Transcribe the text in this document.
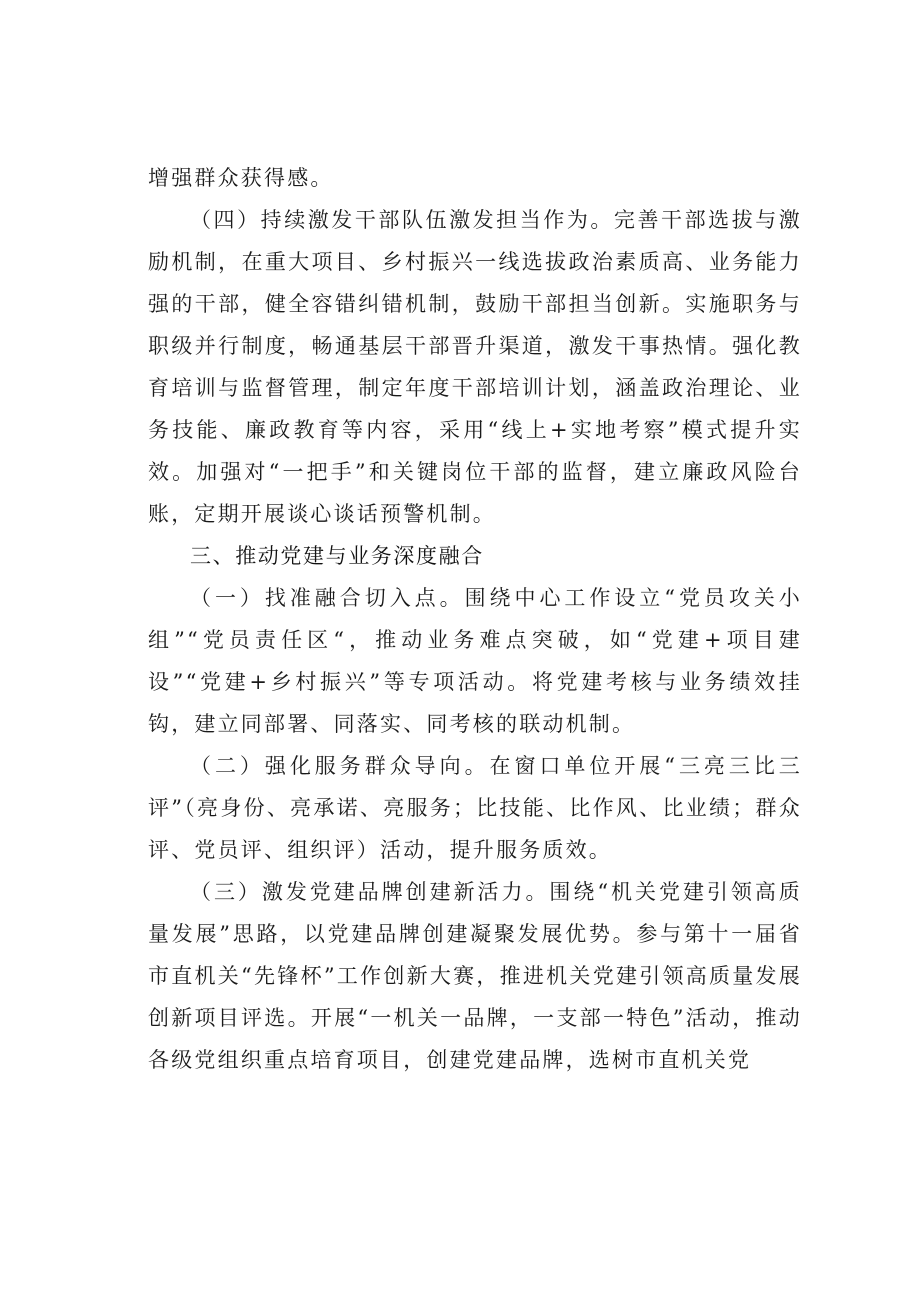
增强群众获得感。

（四）持续激发干部队伍激发担当作为。完善干部选拔与激励机制，在重大项目、乡村振兴一线选拔政治素质高、业务能力强的干部，健全容错纠错机制，鼓励干部担当创新。实施职务与职级并行制度，畅通基层干部晋升渠道，激发干事热情。强化教育培训与监督管理，制定年度干部培训计划，涵盖政治理论、业务技能、廉政教育等内容，采用“线上+实地考察”模式提升实效。加强对“一把手”和关键岗位干部的监督，建立廉政风险台账，定期开展谈心谈话预警机制。

三、推动党建与业务深度融合

（一）找准融合切入点。围绕中心工作设立“党员攻关小组”“党员责任区“，推动业务难点突破，如“党建+项目建设”“党建+乡村振兴”等专项活动。将党建考核与业务绩效挂钩，建立同部署、同落实、同考核的联动机制。

（二）强化服务群众导向。在窗口单位开展“三亮三比三评”（亮身份、亮承诺、亮服务；比技能、比作风、比业绩；群众评、党员评、组织评）活动，提升服务质效。

（三）激发党建品牌创建新活力。围绕“机关党建引领高质量发展”思路，以党建品牌创建凝聚发展优势。参与第十一届省市直机关“先锋杯”工作创新大赛，推进机关党建引领高质量发展创新项目评选。开展“一机关一品牌，一支部一特色”活动，推动各级党组织重点培育项目，创建党建品牌，选树市直机关党
